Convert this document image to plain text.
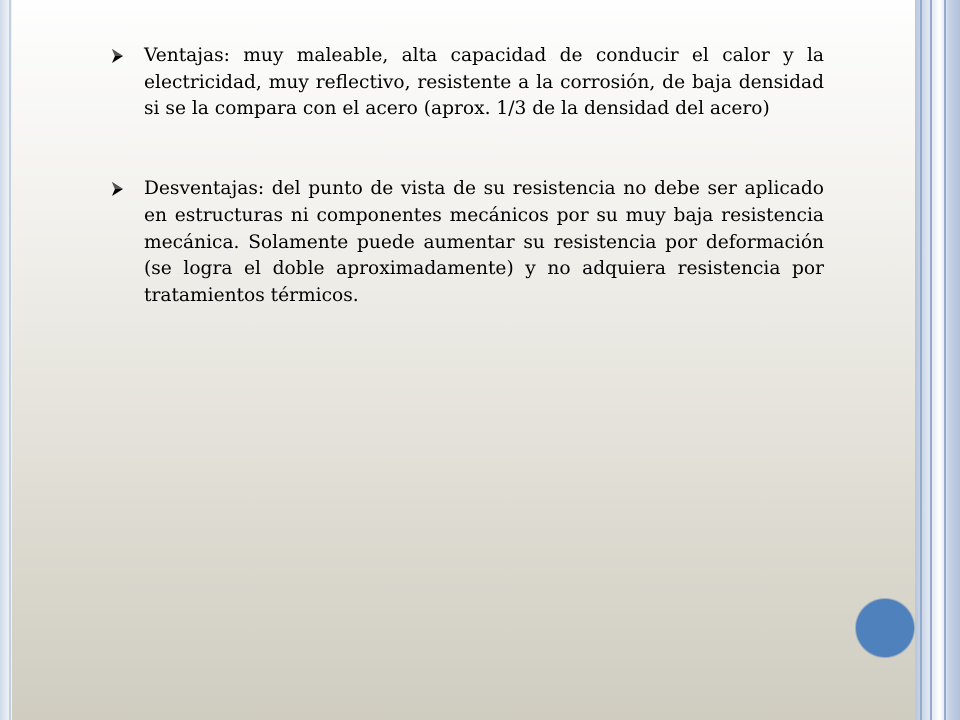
Ventajas: muy maleable, alta capacidad de conducir el calor y la electricidad, muy reflectivo, resistente a la corrosión, de baja densidad si se la compara con el acero (aprox. 1/3 de la densidad del acero)
Desventajas: del punto de vista de su resistencia no debe ser aplicado en estructuras ni componentes mecánicos por su muy baja resistencia mecánica. Solamente puede aumentar su resistencia por deformación (se logra el doble aproximadamente) y no adquiera resistencia por tratamientos térmicos.
